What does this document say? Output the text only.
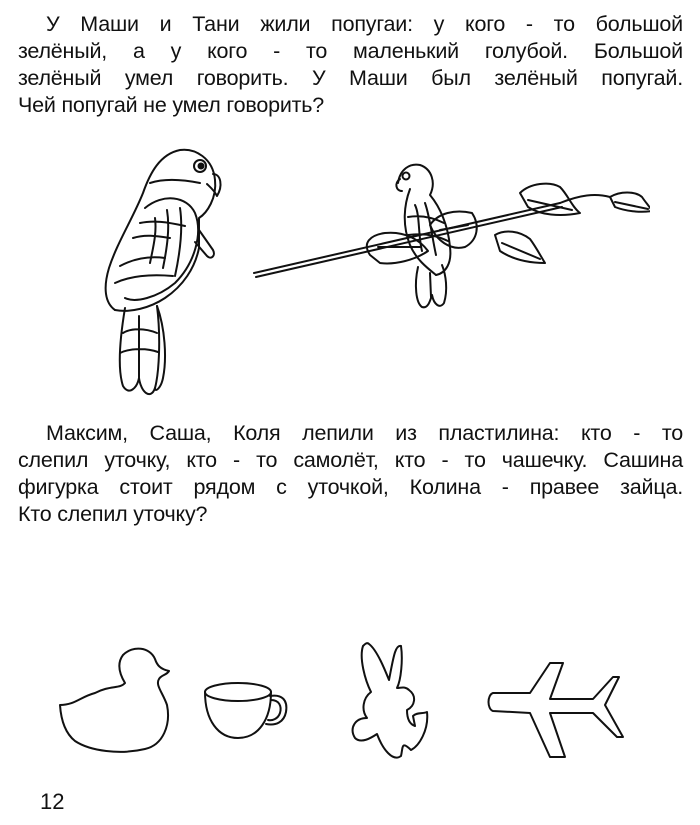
У Маши и Тани жили попугаи: у кого - то большой
зелёный, а у кого - то маленький голубой. Большой
зелёный умел говорить. У Маши был зелёный попугай.
Чей попугай не умел говорить?
Максим, Саша, Коля лепили из пластилина: кто - то
слепил уточку, кто - то самолёт, кто - то чашечку. Сашина
фигурка стоит рядом с уточкой, Колина - правее зайца.
Кто слепил уточку?
12
